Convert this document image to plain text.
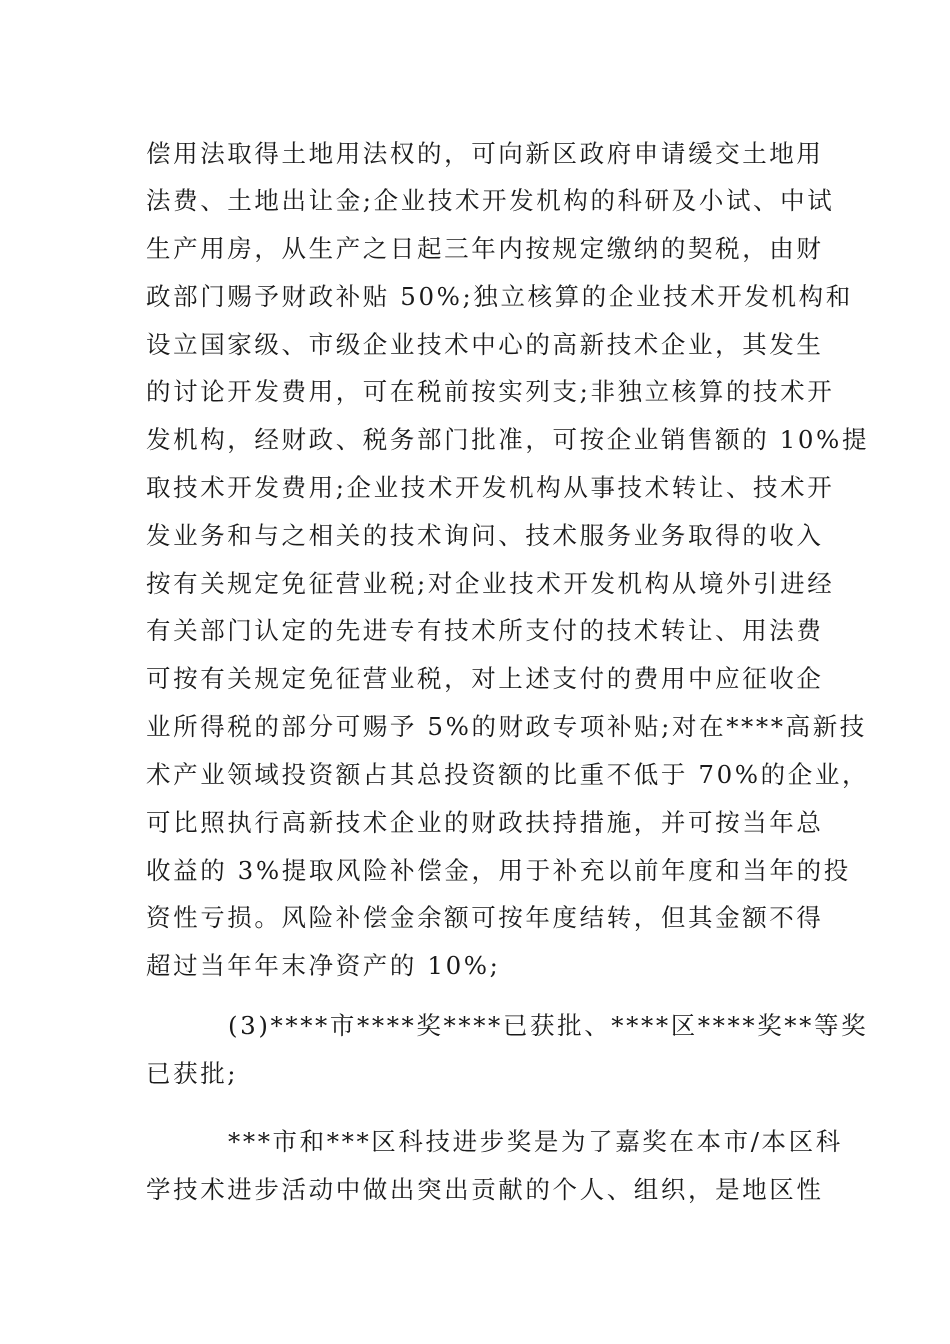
偿用法取得土地用法权的，可向新区政府申请缓交土地用
法费、土地出让金;企业技术开发机构的科研及小试、中试
生产用房，从生产之日起三年内按规定缴纳的契税，由财
政部门赐予财政补贴 50%;独立核算的企业技术开发机构和
设立国家级、市级企业技术中心的高新技术企业，其发生
的讨论开发费用，可在税前按实列支;非独立核算的技术开
发机构，经财政、税务部门批准，可按企业销售额的 10%提
取技术开发费用;企业技术开发机构从事技术转让、技术开
发业务和与之相关的技术询问、技术服务业务取得的收入
按有关规定免征营业税;对企业技术开发机构从境外引进经
有关部门认定的先进专有技术所支付的技术转让、用法费
可按有关规定免征营业税，对上述支付的费用中应征收企
业所得税的部分可赐予 5%的财政专项补贴;对在****高新技
术产业领域投资额占其总投资额的比重不低于 70%的企业，
可比照执行高新技术企业的财政扶持措施，并可按当年总
收益的 3%提取风险补偿金，用于补充以前年度和当年的投
资性亏损。风险补偿金余额可按年度结转，但其金额不得
超过当年年末净资产的 10%;
(3)****市****奖****已获批、****区****奖**等奖
已获批;
***市和***区科技进步奖是为了嘉奖在本市/本区科
学技术进步活动中做出突出贡献的个人、组织，是地区性
